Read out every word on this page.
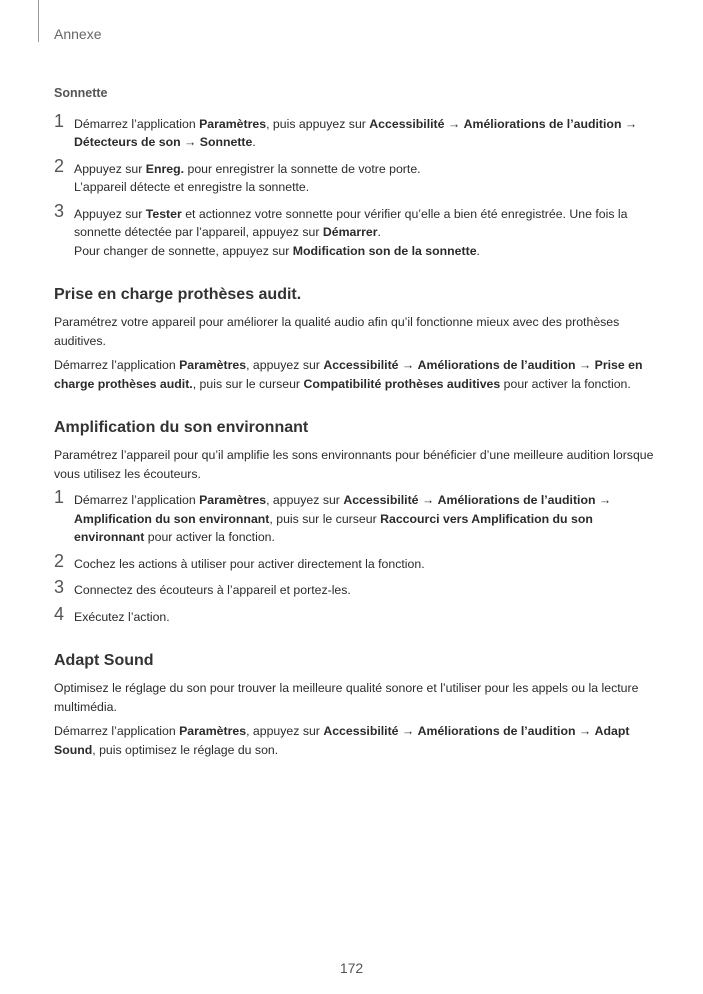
Annexe
Sonnette
1 Démarrez l’application Paramètres, puis appuyez sur Accessibilité → Améliorations de l’audition → Détecteurs de son → Sonnette.
2 Appuyez sur Enreg. pour enregistrer la sonnette de votre porte.
L’appareil détecte et enregistre la sonnette.
3 Appuyez sur Tester et actionnez votre sonnette pour vérifier qu’elle a bien été enregistrée. Une fois la sonnette détectée par l’appareil, appuyez sur Démarrer.
Pour changer de sonnette, appuyez sur Modification son de la sonnette.
Prise en charge prothèses audit.

Paramétrez votre appareil pour améliorer la qualité audio afin qu’il fonctionne mieux avec des prothèses auditives.

Démarrez l’application Paramètres, appuyez sur Accessibilité → Améliorations de l’audition → Prise en charge prothèses audit., puis sur le curseur Compatibilité prothèses auditives pour activer la fonction.

Amplification du son environnant

Paramétrez l’appareil pour qu’il amplifie les sons environnants pour bénéficier d’une meilleure audition lorsque vous utilisez les écouteurs.

1 Démarrez l’application Paramètres, appuyez sur Accessibilité → Améliorations de l’audition → Amplification du son environnant, puis sur le curseur Raccourci vers Amplification du son environnant pour activer la fonction.
2 Cochez les actions à utiliser pour activer directement la fonction.
3 Connectez des écouteurs à l’appareil et portez-les.
4 Exécutez l’action.
Adapt Sound

Optimisez le réglage du son pour trouver la meilleure qualité sonore et l’utiliser pour les appels ou la lecture multimédia.

Démarrez l’application Paramètres, appuyez sur Accessibilité → Améliorations de l’audition → Adapt Sound, puis optimisez le réglage du son.

172
